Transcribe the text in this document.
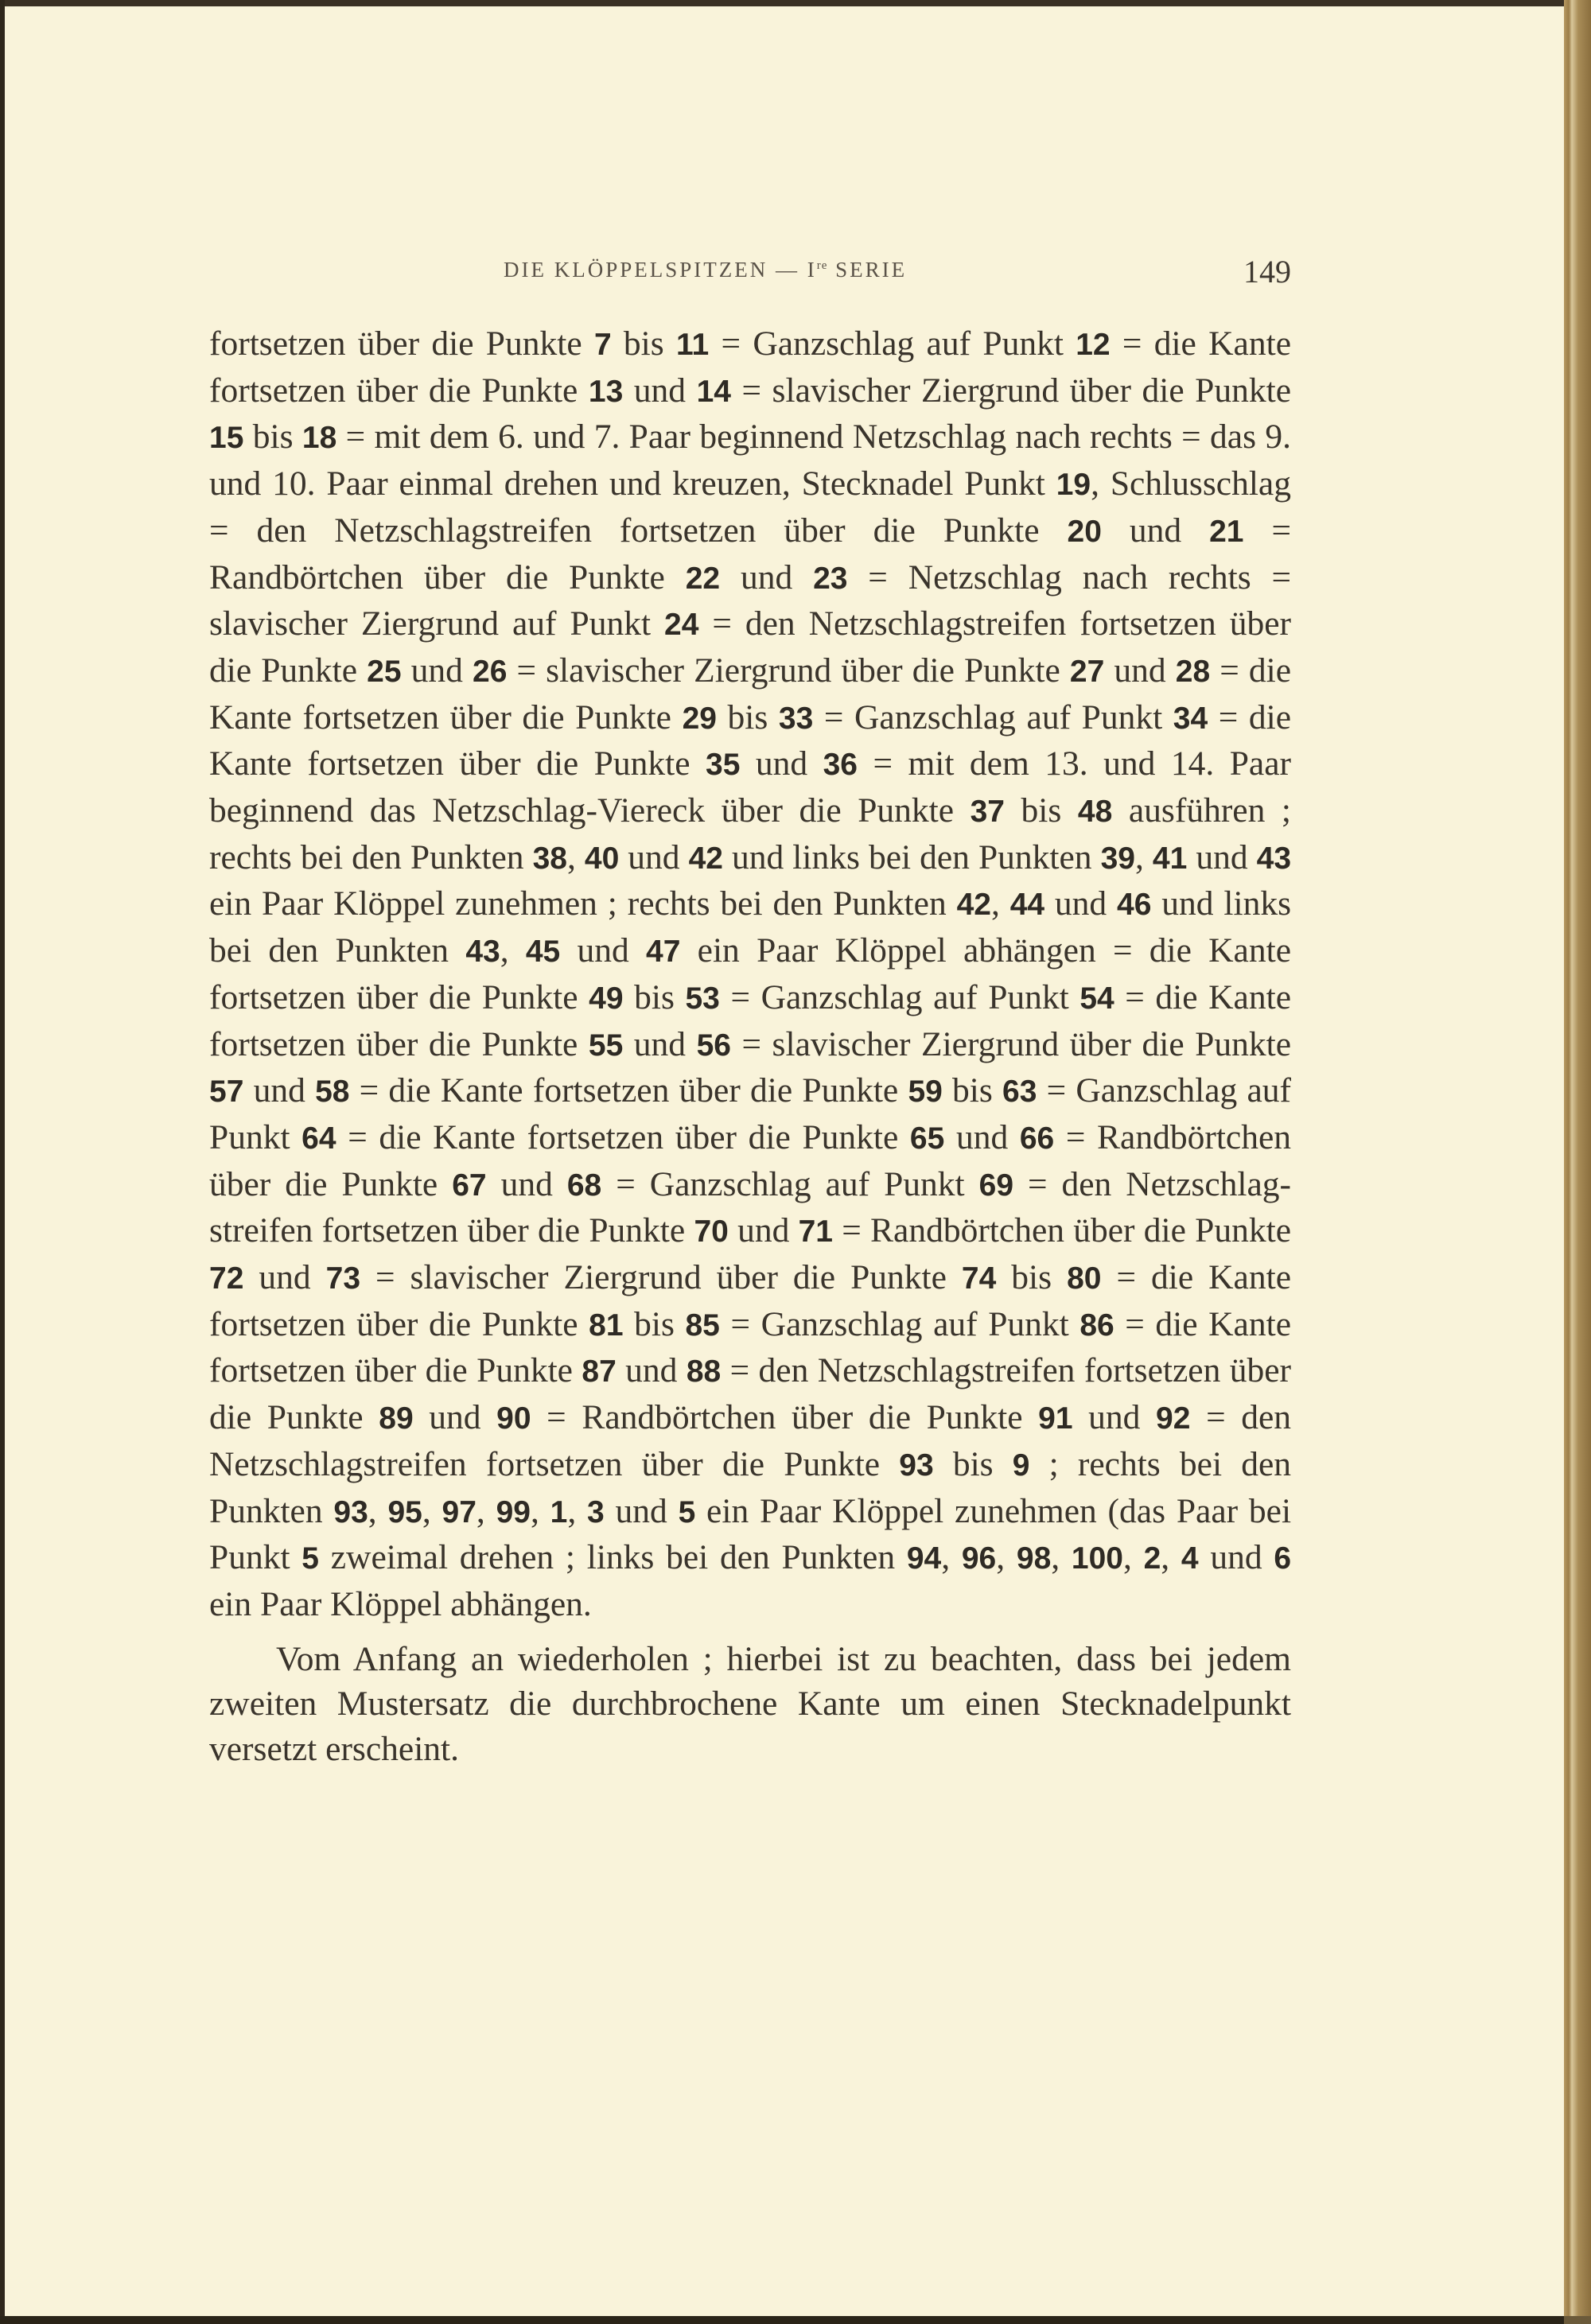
DIE KLÖPPELSPITZEN — Ire SERIE	149

fortsetzen über die Punkte 7 bis 11 = Ganzschlag auf Punkt 12 = die Kante fortsetzen über die Punkte 13 und 14 = slavischer Ziergrund über die Punkte 15 bis 18 = mit dem 6. und 7. Paar beginnend Netzschlag nach rechts = das 9. und 10. Paar einmal drehen und kreuzen, Stecknadel Punkt 19, Schlusschlag = den Netzschlagstreifen fortsetzen über die Punkte 20 und 21 = Randbörtchen über die Punkte 22 und 23 = Netzschlag nach rechts = slavischer Ziergrund auf Punkt 24 = den Netzschlagstreifen fortsetzen über die Punkte 25 und 26 = slavischer Ziergrund über die Punkte 27 und 28 = die Kante fortsetzen über die Punkte 29 bis 33 = Ganzschlag auf Punkt 34 = die Kante fortsetzen über die Punkte 35 und 36 = mit dem 13. und 14. Paar beginnend das Netzschlag-Viereck über die Punkte 37 bis 48 ausführen ; rechts bei den Punkten 38, 40 und 42 und links bei den Punkten 39, 41 und 43 ein Paar Klöppel zunehmen ; rechts bei den Punkten 42, 44 und 46 und links bei den Punkten 43, 45 und 47 ein Paar Klöppel abhängen = die Kante fortsetzen über die Punkte 49 bis 53 = Ganzschlag auf Punkt 54 = die Kante fortsetzen über die Punkte 55 und 56 = slavischer Ziergrund über die Punkte 57 und 58 = die Kante fortsetzen über die Punkte 59 bis 63 = Ganzschlag auf Punkt 64 = die Kante fortsetzen über die Punkte 65 und 66 = Randbörtchen über die Punkte 67 und 68 = Ganzschlag auf Punkt 69 = den Netzschlag-streifen fortsetzen über die Punkte 70 und 71 = Randbörtchen über die Punkte 72 und 73 = slavischer Ziergrund über die Punkte 74 bis 80 = die Kante fortsetzen über die Punkte 81 bis 85 = Ganzschlag auf Punkt 86 = die Kante fortsetzen über die Punkte 87 und 88 = den Netzschlagstreifen fortsetzen über die Punkte 89 und 90 = Randbörtchen über die Punkte 91 und 92 = den Netzschlagstreifen fortsetzen über die Punkte 93 bis 9 ; rechts bei den Punkten 93, 95, 97, 99, 1, 3 und 5 ein Paar Klöppel zunehmen (das Paar bei Punkt 5 zweimal drehen ; links bei den Punkten 94, 96, 98, 100, 2, 4 und 6 ein Paar Klöppel abhängen.

Vom Anfang an wiederholen ; hierbei ist zu beachten, dass bei jedem zweiten Mustersatz die durchbrochene Kante um einen Stecknadelpunkt versetzt erscheint.
